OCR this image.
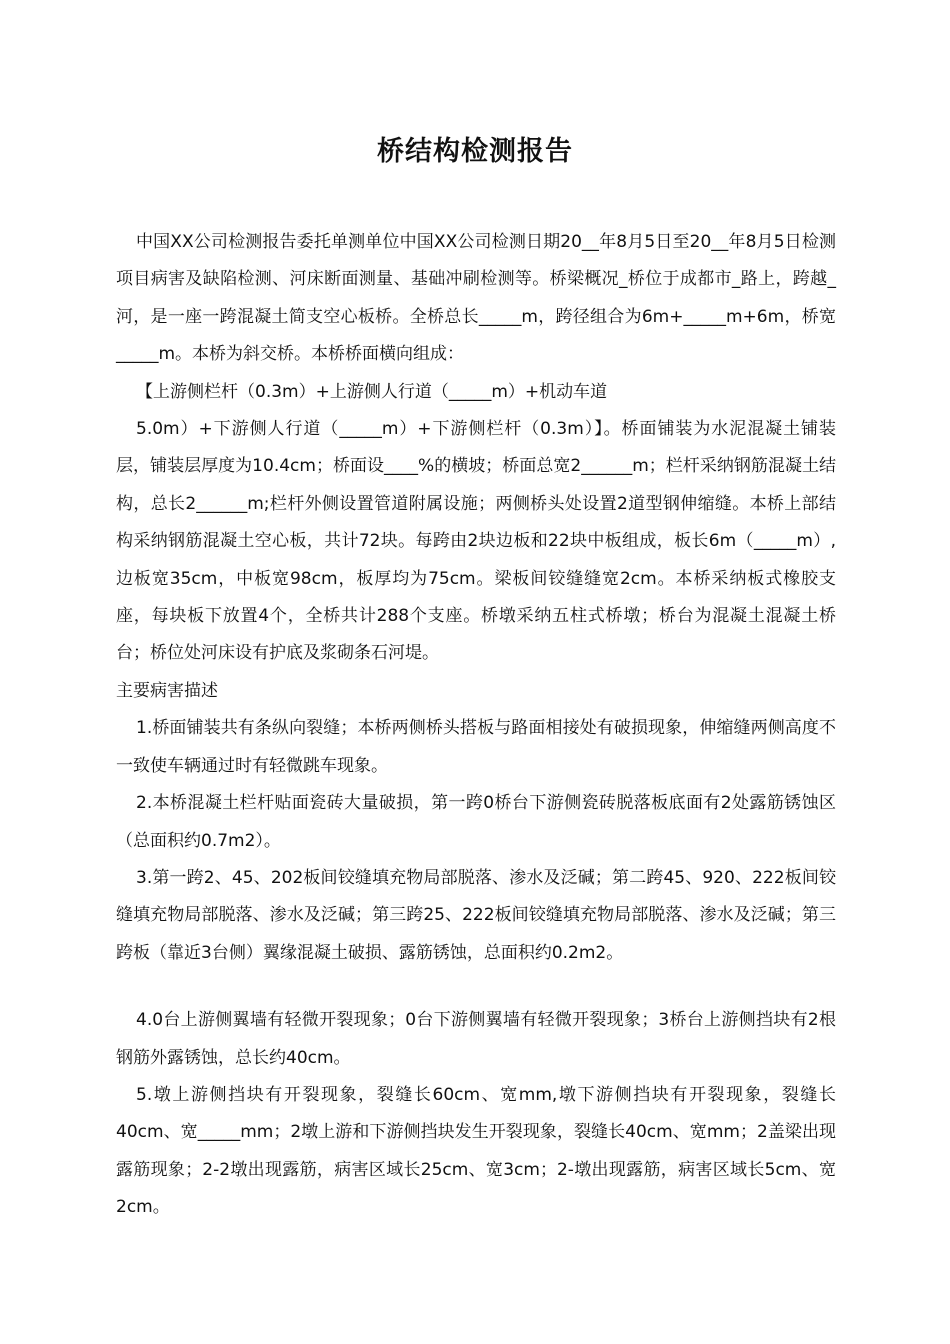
桥结构检测报告

中国XX公司检测报告委托单测单位中国XX公司检测日期20__年8月5日至20__年8月5日检测项目病害及缺陷检测、河床断面测量、基础冲刷检测等。桥梁概况_桥位于成都市_路上，跨越_河，是一座一跨混凝土简支空心板桥。全桥总长_____m，跨径组合为6m+_____m+6m，桥宽_____m。本桥为斜交桥。本桥桥面横向组成：

【上游侧栏杆（0.3m）+上游侧人行道（_____m）+机动车道

5.0m）+下游侧人行道（_____m）+下游侧栏杆（0.3m）】。桥面铺装为水泥混凝土铺装层，铺装层厚度为10.4cm；桥面设____%的横坡；桥面总宽2______m；栏杆采纳钢筋混凝土结构，总长2______m;栏杆外侧设置管道附属设施；两侧桥头处设置2道型钢伸缩缝。本桥上部结构采纳钢筋混凝土空心板，共计72块。每跨由2块边板和22块中板组成，板长6m（_____m）,边板宽35cm，中板宽98cm，板厚均为75cm。梁板间铰缝缝宽2cm。本桥采纳板式橡胶支座，每块板下放置4个，全桥共计288个支座。桥墩采纳五柱式桥墩；桥台为混凝土混凝土桥台；桥位处河床设有护底及浆砌条石河堤。

主要病害描述

1.桥面铺装共有条纵向裂缝；本桥两侧桥头搭板与路面相接处有破损现象，伸缩缝两侧高度不一致使车辆通过时有轻微跳车现象。

2.本桥混凝土栏杆贴面瓷砖大量破损，第一跨0桥台下游侧瓷砖脱落板底面有2处露筋锈蚀区（总面积约0.7m2）。

3.第一跨2、45、202板间铰缝填充物局部脱落、渗水及泛碱；第二跨45、920、222板间铰缝填充物局部脱落、渗水及泛碱；第三跨25、222板间铰缝填充物局部脱落、渗水及泛碱；第三跨板（靠近3台侧）翼缘混凝土破损、露筋锈蚀，总面积约0.2m2。

4.0台上游侧翼墙有轻微开裂现象；0台下游侧翼墙有轻微开裂现象；3桥台上游侧挡块有2根钢筋外露锈蚀，总长约40cm。

5.墩上游侧挡块有开裂现象，裂缝长60cm、宽mm,墩下游侧挡块有开裂现象，裂缝长40cm、宽_____mm；2墩上游和下游侧挡块发生开裂现象，裂缝长40cm、宽mm；2盖梁出现露筋现象；2-2墩出现露筋，病害区域长25cm、宽3cm；2-墩出现露筋，病害区域长5cm、宽2cm。
